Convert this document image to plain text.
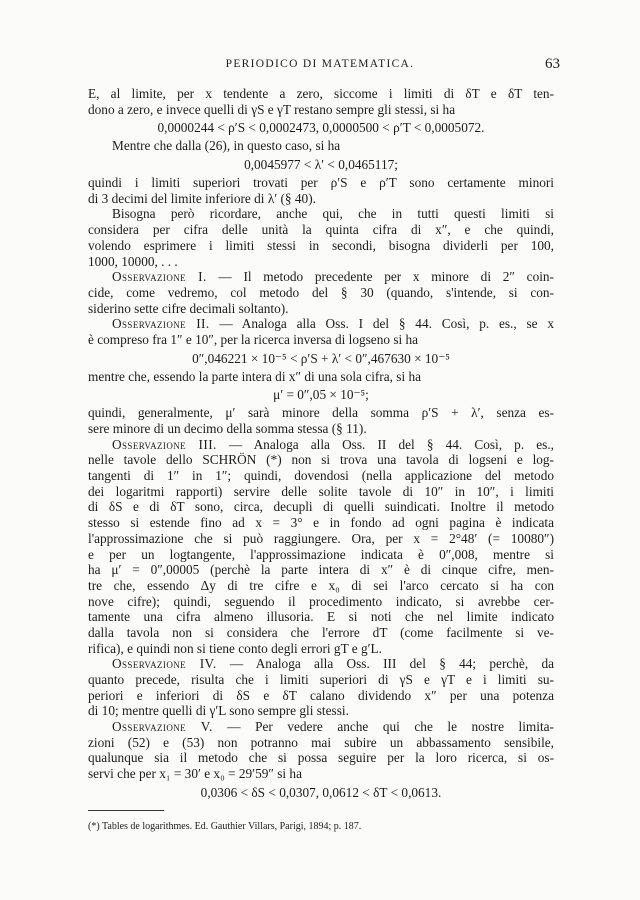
PERIODICO DI MATEMATICA.	63
E, al limite, per x tendente a zero, siccome i limiti di δT e δT ten-
dono a zero, e invece quelli di γS e γT restano sempre gli stessi, si ha
0,0000244 < ρ′S < 0,0002473, 0,0000500 < ρ′T < 0,0005072.
Mentre che dalla (26), in questo caso, si ha
0,0045977 < λ′ < 0,0465117;
quindi i limiti superiori trovati per ρ′S e ρ′T sono certamente minori
di 3 decimi del limite inferiore di λ′ (§ 40).
Bisogna però ricordare, anche qui, che in tutti questi limiti si
considera per cifra delle unità la quinta cifra di x″, e che quindi,
volendo esprimere i limiti stessi in secondi, bisogna dividerli per 100,
1000, 10000, . . .
Osservazione I. — Il metodo precedente per x minore di 2″ coin-
cide, come vedremo, col metodo del § 30 (quando, s'intende, si con-
siderino sette cifre decimali soltanto).
Osservazione II. — Analoga alla Oss. I del § 44. Così, p. es., se x
è compreso fra 1″ e 10″, per la ricerca inversa di logseno si ha
0″,046221 × 10⁻⁵ < ρ′S + λ′ < 0″,467630 × 10⁻⁵
mentre che, essendo la parte intera di x″ di una sola cifra, si ha
μ′ = 0″,05 × 10⁻⁵;
quindi, generalmente, μ′ sarà minore della somma ρ′S + λ′, senza es-
sere minore di un decimo della somma stessa (§ 11).
Osservazione III. — Analoga alla Oss. II del § 44. Così, p. es.,
nelle tavole dello SCHRÖN (*) non si trova una tavola di logseni e log-
tangenti di 1″ in 1″; quindi, dovendosi (nella applicazione del metodo
dei logaritmi rapporti) servire delle solite tavole di 10″ in 10″, i limiti
di δS e di δT sono, circa, decupli di quelli suindicati. Inoltre il metodo
stesso si estende fino ad x = 3° e in fondo ad ogni pagina è indicata
l'approssimazione che si può raggiungere. Ora, per x = 2°48′ (= 10080″)
e per un logtangente, l'approssimazione indicata è 0″,008, mentre si
ha μ′ = 0″,00005 (perchè la parte intera di x″ è di cinque cifre, men-
tre che, essendo Δy di tre cifre e x₀ di sei l'arco cercato si ha con
nove cifre); quindi, seguendo il procedimento indicato, si avrebbe cer-
tamente una cifra almeno illusoria. E si noti che nel limite indicato
dalla tavola non si considera che l'errore dT (come facilmente si ve-
rifica), e quindi non si tiene conto degli errori gT e g′L.
Osservazione IV. — Analoga alla Oss. III del § 44; perchè, da
quanto precede, risulta che i limiti superiori di γS e γT e i limiti su-
periori e inferiori di δS e δT calano dividendo x″ per una potenza
di 10; mentre quelli di γ′L sono sempre gli stessi.
Osservazione V. — Per vedere anche qui che le nostre limita-
zioni (52) e (53) non potranno mai subire un abbassamento sensibile,
qualunque sia il metodo che si possa seguire per la loro ricerca, si os-
servi che per x₁ = 30′ e x₀ = 29′59″ si ha
0,0306 < δS < 0,0307, 0,0612 < δT < 0,0613.
(*) Tables de logarithmes. Ed. Gauthier Villars, Parigi, 1894; p. 187.
